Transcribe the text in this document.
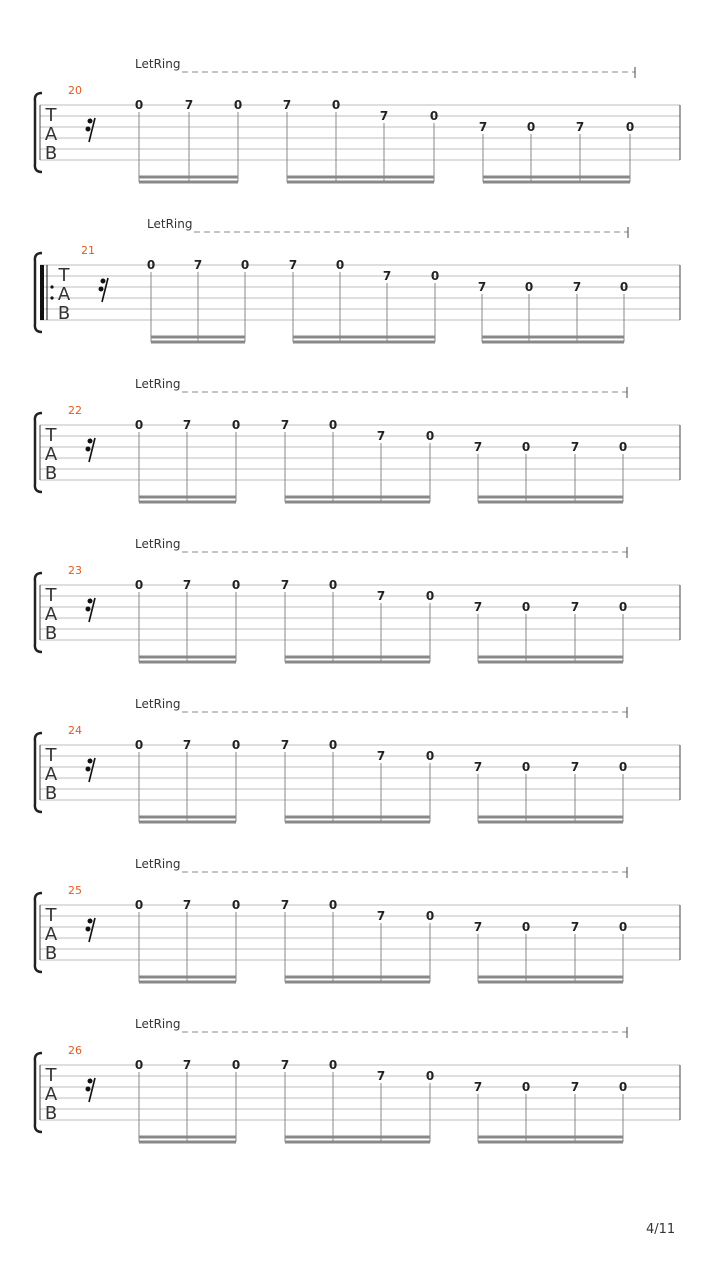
LetRing
20
T
A
B
0	7	0	7	0
7	0
7	0	7	0
LetRing
21
T
A
B
0	7	0	7	0
7	0
7	0	7	0
LetRing
22
T
A
B
0	7	0	7	0
7	0
7	0	7	0
LetRing
23
T
A
B
0	7	0	7	0
7	0
7	0	7	0
LetRing
24
T
A
B
0	7	0	7	0
7	0
7	0	7	0
LetRing
25
T
A
B
0	7	0	7	0
7	0
7	0	7	0
LetRing
26
T
A
B
0	7	0	7	0
7	0
7	0	7	0
4/11
